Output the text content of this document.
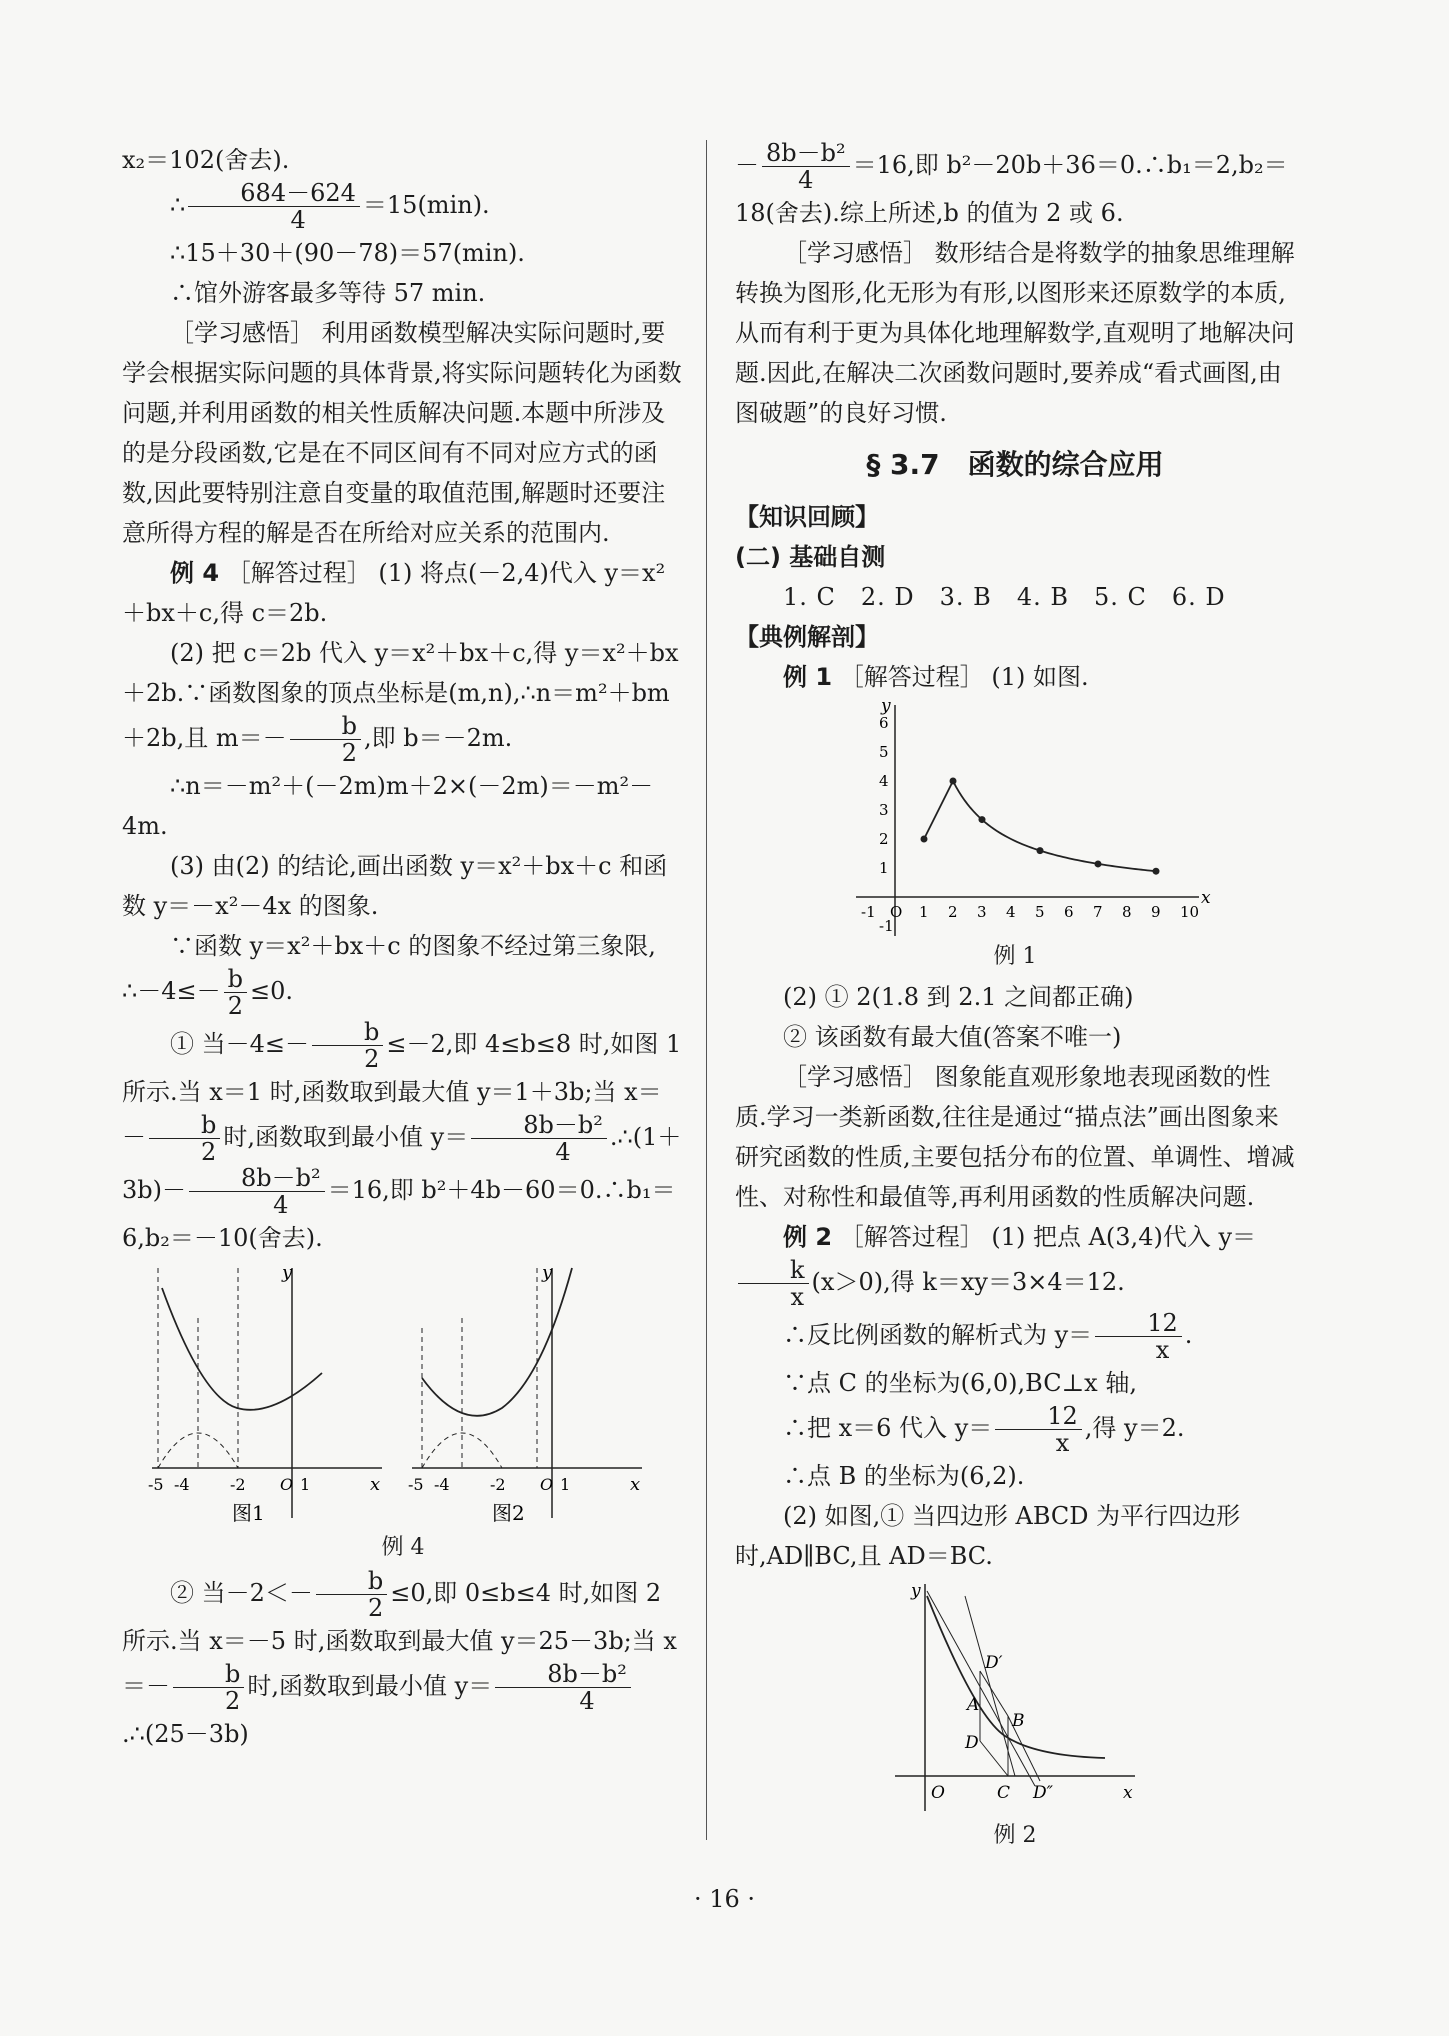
x₂＝102(舍去).

∴ $\frac{684-624}{4} =15(\min)$.

∴15＋30＋(90－78)＝57(min).

∴馆外游客最多等待 57 min.

［学习感悟］ 利用函数模型解决实际问题时,要学会根据实际问题的具体背景,将实际问题转化为函数问题,并利用函数的相关性质解决问题.本题中所涉及的是分段函数,它是在不同区间有不同对应方式的函数,因此要特别注意自变量的取值范围,解题时还要注意所得方程的解是否在所给对应关系的范围内.

例 4 ［解答过程］ (1) 将点(－2,4)代入 y＝x²＋bx＋c,得 c＝2b.

(2) 把 c＝2b 代入 y＝x²＋bx＋c,得 y＝x²＋bx＋2b.∵函数图象的顶点坐标是(m,n),∴n＝m²＋bm＋2b,且 $m=- \frac{b}{2}$ ,即 b＝－2m.

∴n＝－m²＋(－2m)m＋2×(－2m)＝－m²－4m.

(3) 由(2) 的结论,画出函数 y＝x²＋bx＋c 和函数 y＝－x²－4x 的图象.

∵函数 y＝x²＋bx＋c 的图象不经过第三象限,

∴－4≤－ $\frac{b}{2} \le 0$.

① 当$-4\le- \frac{b}{2} \le-2$,即 4≤b≤8 时,如图 1 所示.当 x＝1 时,函数取到最大值 y＝1＋3b;当 $x=- \frac{b}{2}$ 时,函数取到最小值 $y= \frac{\text{8b－b²}}{4}$ .∴(1＋3b)－ $\frac{\text{8b－b²}}{4} =16$,即 b²＋4b－60＝0.∴b₁＝6,b₂＝－10(舍去).

y
x
-5 -4	-2 O 1
图1
y
x
-5 -4	-2 O 1
图2

例 4

② 当$-2<- \frac{b}{2} \le 0$,即 0≤b≤4 时,如图 2 所示.当 x＝－5 时,函数取到最大值 y＝25－3b;当 $x=- \frac{b}{2}$ 时,函数取到最小值 $y= \frac{\text{8b－b²}}{4}$
.∴(25－3b)

－ $\frac{\text{8b－b²}}{4} =16$,即 b²－20b＋36＝0.∴b₁＝2,b₂＝18(舍去).综上所述,b 的值为 2 或 6.

［学习感悟］ 数形结合是将数学的抽象思维理解转换为图形,化无形为有形,以图形来还原数学的本质,从而有利于更为具体化地理解数学,直观明了地解决问题.因此,在解决二次函数问题时,要养成“看式画图,由图破题”的良好习惯.

§ 3.7　函数的综合应用

【知识回顾】

(二) 基础自测

1. C　2. D　3. B　4. B　5. C　6. D

【典例解剖】

例 1 ［解答过程］ (1) 如图.

-1 O 1 2 3 4 5 6 7 8 9 10
-1
1
2
3
4
5
6
x
y

例 1

(2) ① 2(1.8 到 2.1 之间都正确)

② 该函数有最大值(答案不唯一)

［学习感悟］ 图象能直观形象地表现函数的性质.学习一类新函数,往往是通过“描点法”画出图象来研究函数的性质,主要包括分布的位置、单调性、增减性、对称性和最值等,再利用函数的性质解决问题.

例 2 ［解答过程］ (1) 把点 A(3,4)代入 y＝
$\frac{k}{x} (x>0)$,得 k＝xy＝3×4＝12.

∴反比例函数的解析式为 $y= \frac{12}{x}$ .

∵点 C 的坐标为(6,0),BC⊥x 轴,

∴把 x＝6 代入 $y= \frac{12}{x}$ ,得 y＝2.

∴点 B 的坐标为(6,2).

(2) 如图,① 当四边形 ABCD 为平行四边形时,AD∥BC,且 AD＝BC.

y
x
D′
A
B
D
O	C D″

例 2

· 16 ·
